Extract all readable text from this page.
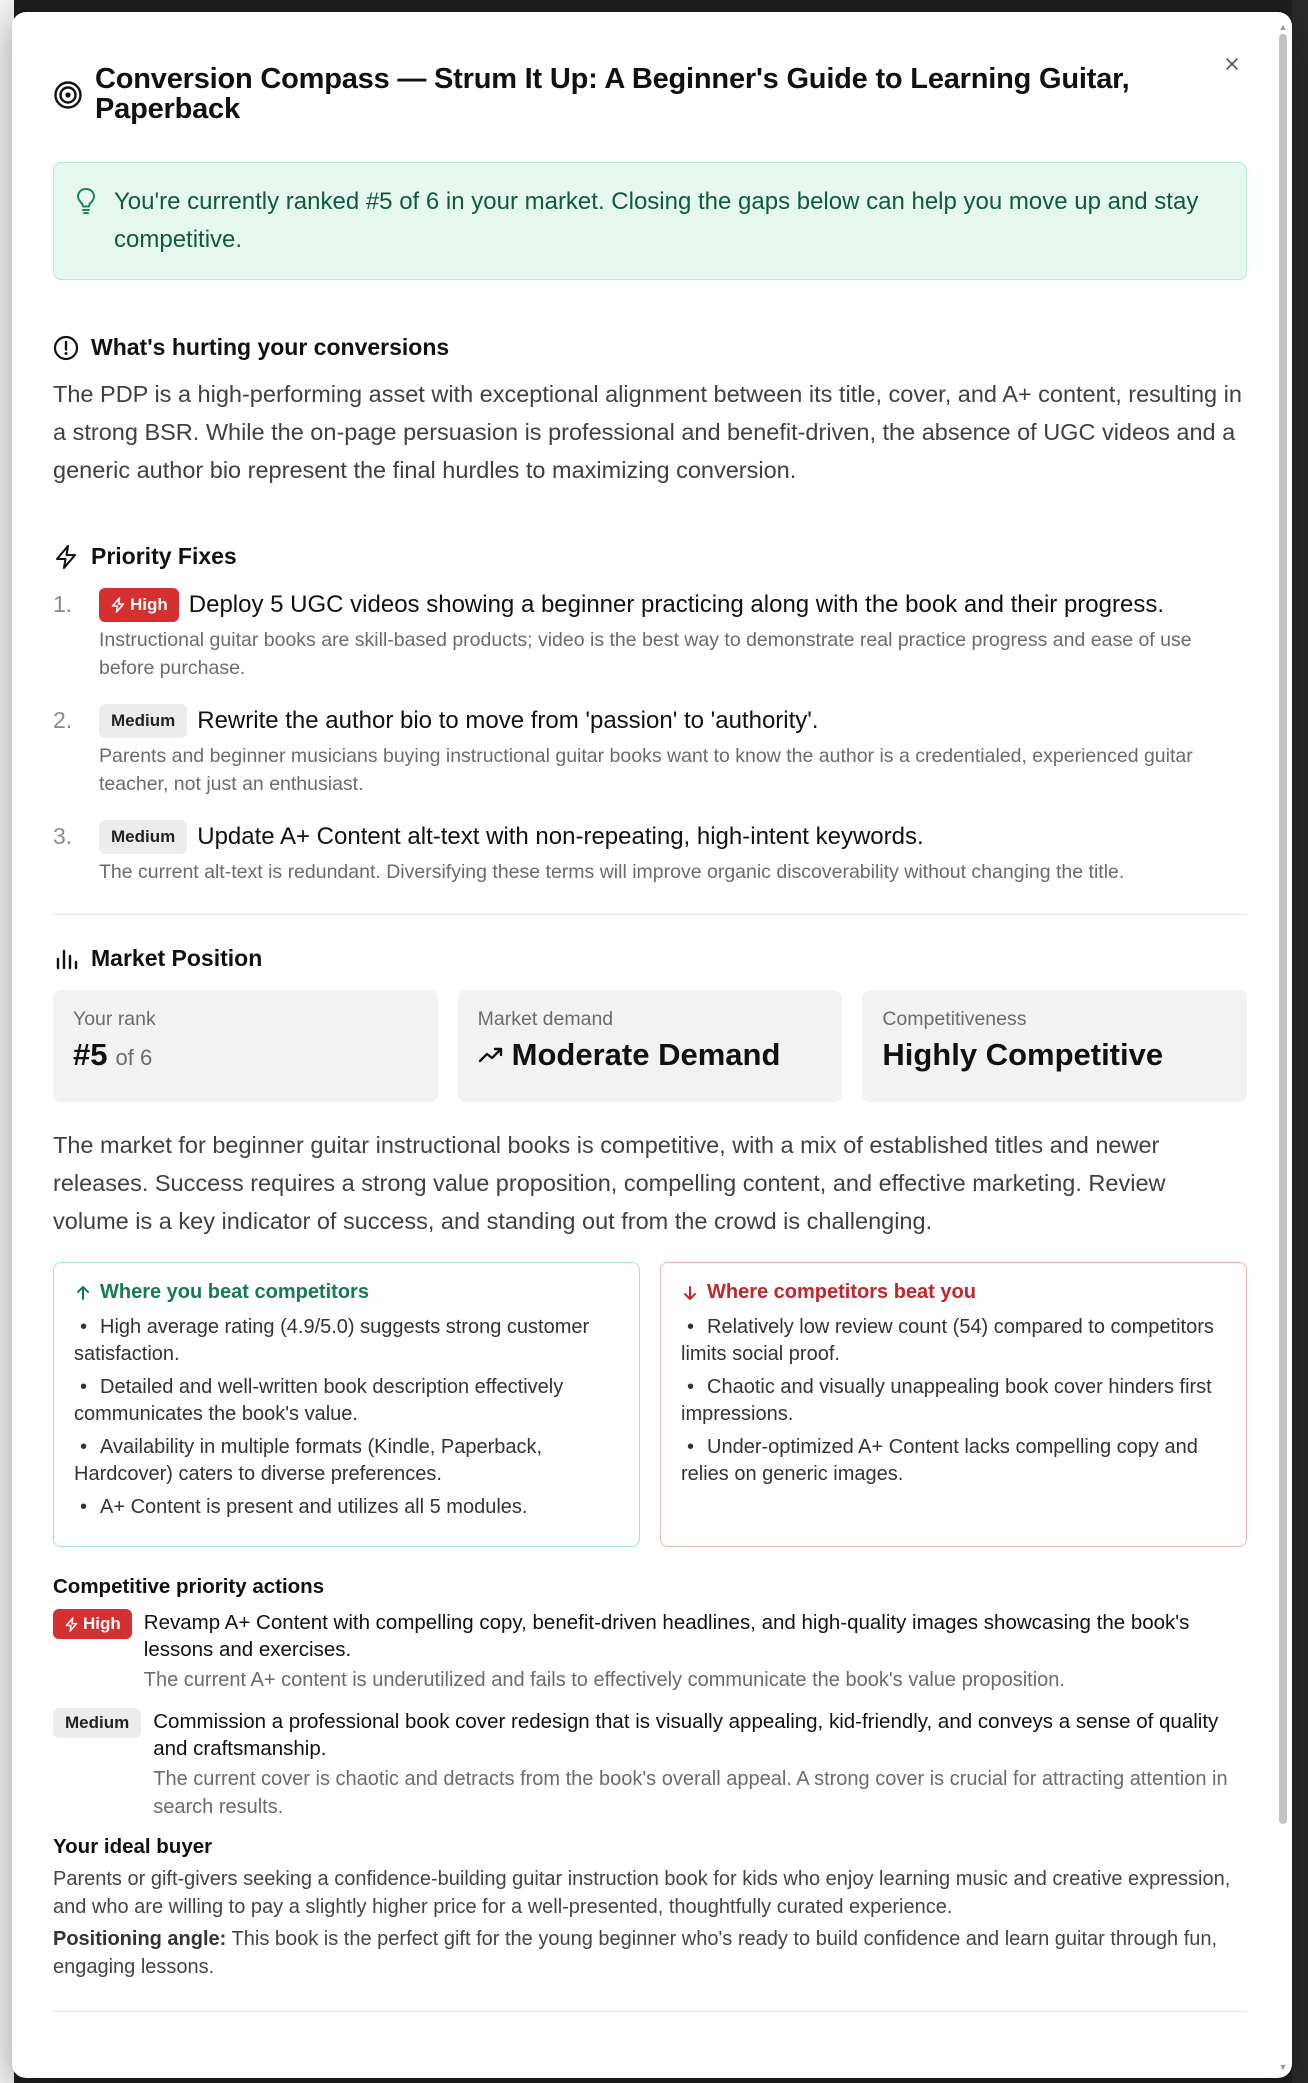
▲
▼
Conversion Compass — Strum It Up: A Beginner's Guide to Learning Guitar, Paperback
You're currently ranked #5 of 6 in your market. Closing the gaps below can help you move up and stay competitive.
What's hurting your conversions

The PDP is a high-performing asset with exceptional alignment between its title, cover, and A+ content, resulting in a strong BSR. While the on-page persuasion is professional and benefit-driven, the absence of UGC videos and a generic author bio represent the final hurdles to maximizing conversion.

Priority Fixes
1.	High Deploy 5 UGC videos showing a beginner practicing along with the book and their progress.
Instructional guitar books are skill-based products; video is the best way to demonstrate real practice progress and ease of use before purchase.
2.	Medium Rewrite the author bio to move from 'passion' to 'authority'.
Parents and beginner musicians buying instructional guitar books want to know the author is a credentialed, experienced guitar teacher, not just an enthusiast.
3.	Medium Update A+ Content alt-text with non-repeating, high-intent keywords.
The current alt-text is redundant. Diversifying these terms will improve organic discoverability without changing the title.
Market Position
Your rank
#5 of 6
Market demand
Moderate Demand
Competitiveness
Highly Competitive

The market for beginner guitar instructional books is competitive, with a mix of established titles and newer releases. Success requires a strong value proposition, compelling content, and effective marketing. Review volume is a key indicator of success, and standing out from the crowd is challenging.

Where you beat competitors
• High average rating (4.9/5.0) suggests strong customer satisfaction.
• Detailed and well-written book description effectively communicates the book's value.
• Availability in multiple formats (Kindle, Paperback, Hardcover) caters to diverse preferences.
• A+ Content is present and utilizes all 5 modules.
Where competitors beat you
• Relatively low review count (54) compared to competitors limits social proof.
• Chaotic and visually unappealing book cover hinders first impressions.
• Under-optimized A+ Content lacks compelling copy and relies on generic images.
Competitive priority actions
High Revamp A+ Content with compelling copy, benefit-driven headlines, and high-quality images showcasing the book's lessons and exercises.
The current A+ content is underutilized and fails to effectively communicate the book's value proposition.
Medium	Commission a professional book cover redesign that is visually appealing, kid-friendly, and conveys a sense of quality and craftsmanship.
The current cover is chaotic and detracts from the book's overall appeal. A strong cover is crucial for attracting attention in search results.
Your ideal buyer
Parents or gift-givers seeking a confidence-building guitar instruction book for kids who enjoy learning music and creative expression, and who are willing to pay a slightly higher price for a well-presented, thoughtfully curated experience.
Positioning angle: This book is the perfect gift for the young beginner who's ready to build confidence and learn guitar through fun, engaging lessons.
